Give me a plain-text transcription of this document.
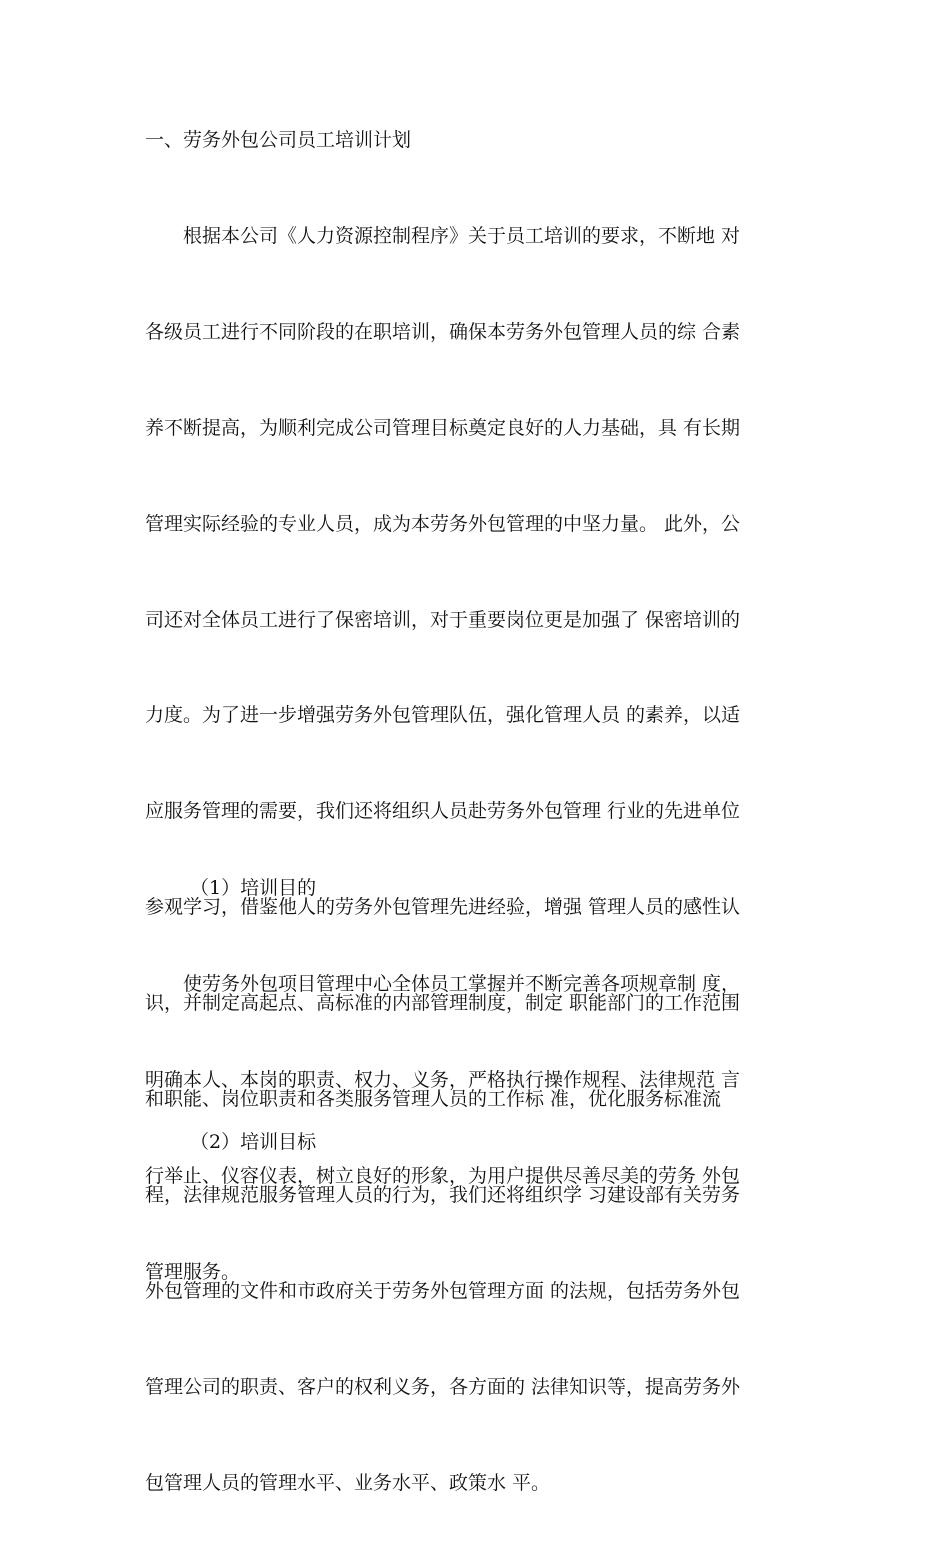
一、劳务外包公司员工培训计划

　　根据本公司《人力资源控制程序》关于员工培训的要求，不断地 对

各级员工进行不同阶段的在职培训，确保本劳务外包管理人员的综 合素

养不断提高，为顺利完成公司管理目标奠定良好的人力基础，具 有长期

管理实际经验的专业人员，成为本劳务外包管理的中坚力量。 此外，公

司还对全体员工进行了保密培训，对于重要岗位更是加强了 保密培训的

力度。为了进一步增强劳务外包管理队伍，强化管理人员 的素养，以适

应服务管理的需要，我们还将组织人员赴劳务外包管理 行业的先进单位

参观学习，借鉴他人的劳务外包管理先进经验，增强 管理人员的感性认

识，并制定高起点、高标准的内部管理制度，制定 职能部门的工作范围

和职能、岗位职责和各类服务管理人员的工作标 准，优化服务标准流

程，法律规范服务管理人员的行为，我们还将组织学 习建设部有关劳务

外包管理的文件和市政府关于劳务外包管理方面 的法规，包括劳务外包

管理公司的职责、客户的权利义务，各方面的 法律知识等，提高劳务外

包管理人员的管理水平、业务水平、政策水 平。

（1）培训目的

　　使劳务外包项目管理中心全体员工掌握并不断完善各项规章制 度，

明确本人、本岗的职责、权力、义务，严格执行操作规程、法律规范 言

行举止、仪容仪表，树立良好的形象，为用户提供尽善尽美的劳务 外包

管理服务。

（2）培训目标
